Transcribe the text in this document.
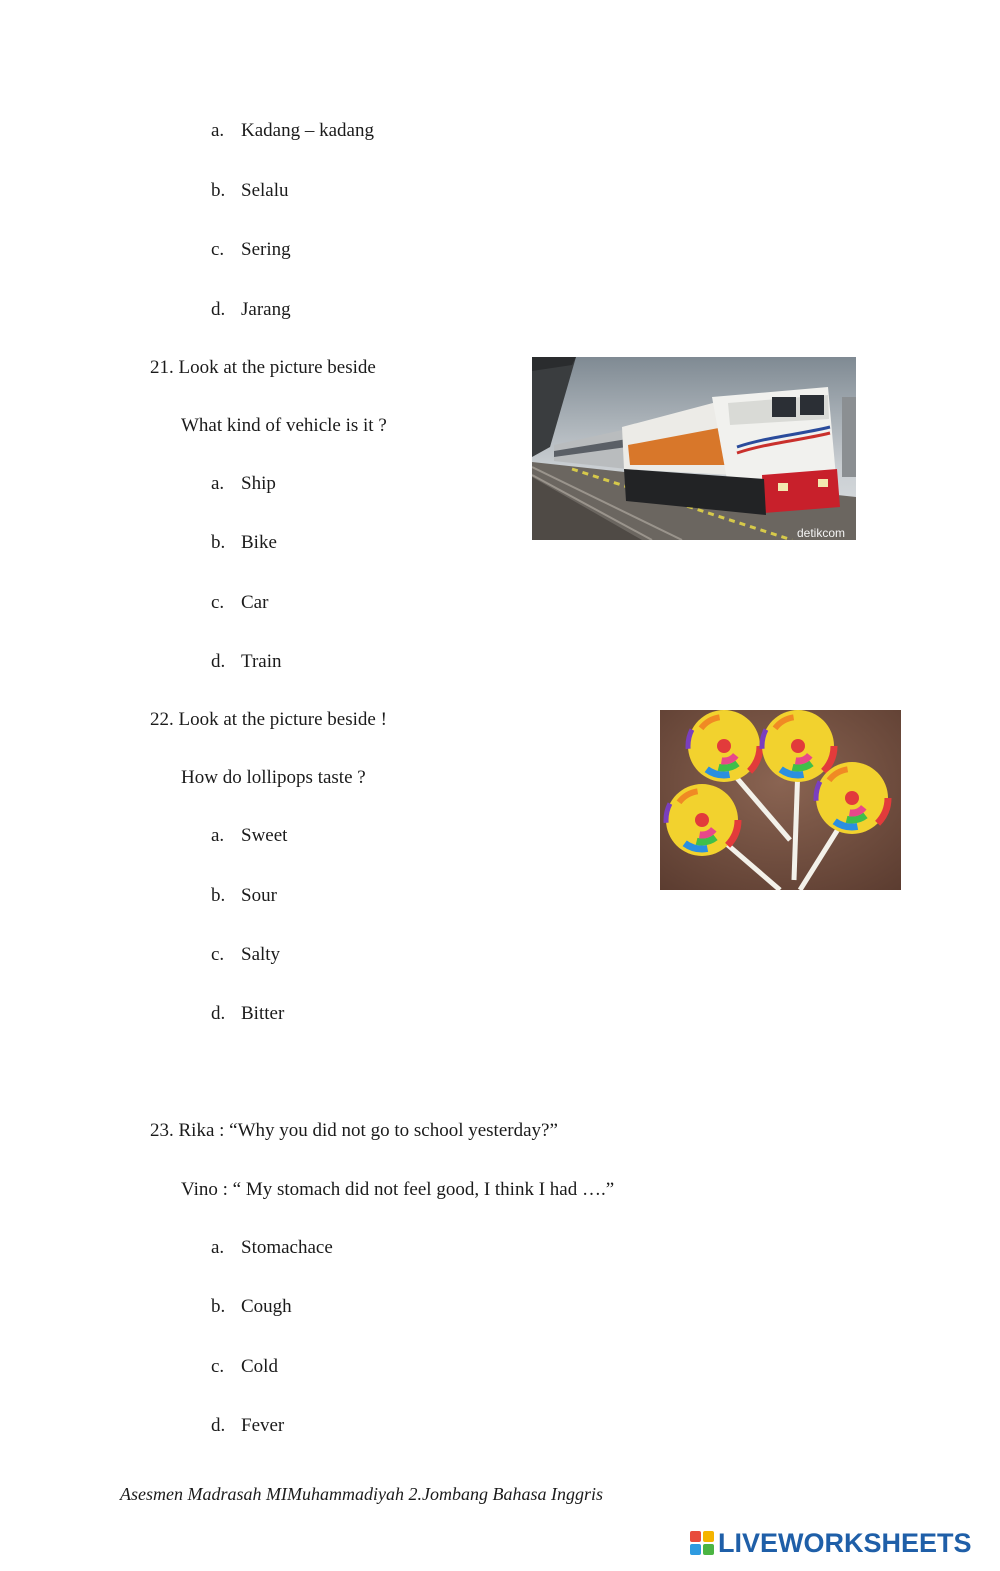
a. Kadang – kadang
b. Selalu
c. Sering
d. Jarang
21. Look at the picture beside
What kind of vehicle is it ?
a. Ship
b. Bike
c. Car
d. Train
detikcom
22. Look at the picture beside !
How do lollipops taste ?
a. Sweet
b. Sour
c. Salty
d. Bitter
23. Rika : “Why you did not go to school yesterday?”
Vino : “ My stomach did not feel good, I think I had ….”
a. Stomachace
b. Cough
c. Cold
d. Fever
Asesmen Madrasah MIMuhammadiyah 2.Jombang Bahasa Inggris
LIVEWORKSHEETS
